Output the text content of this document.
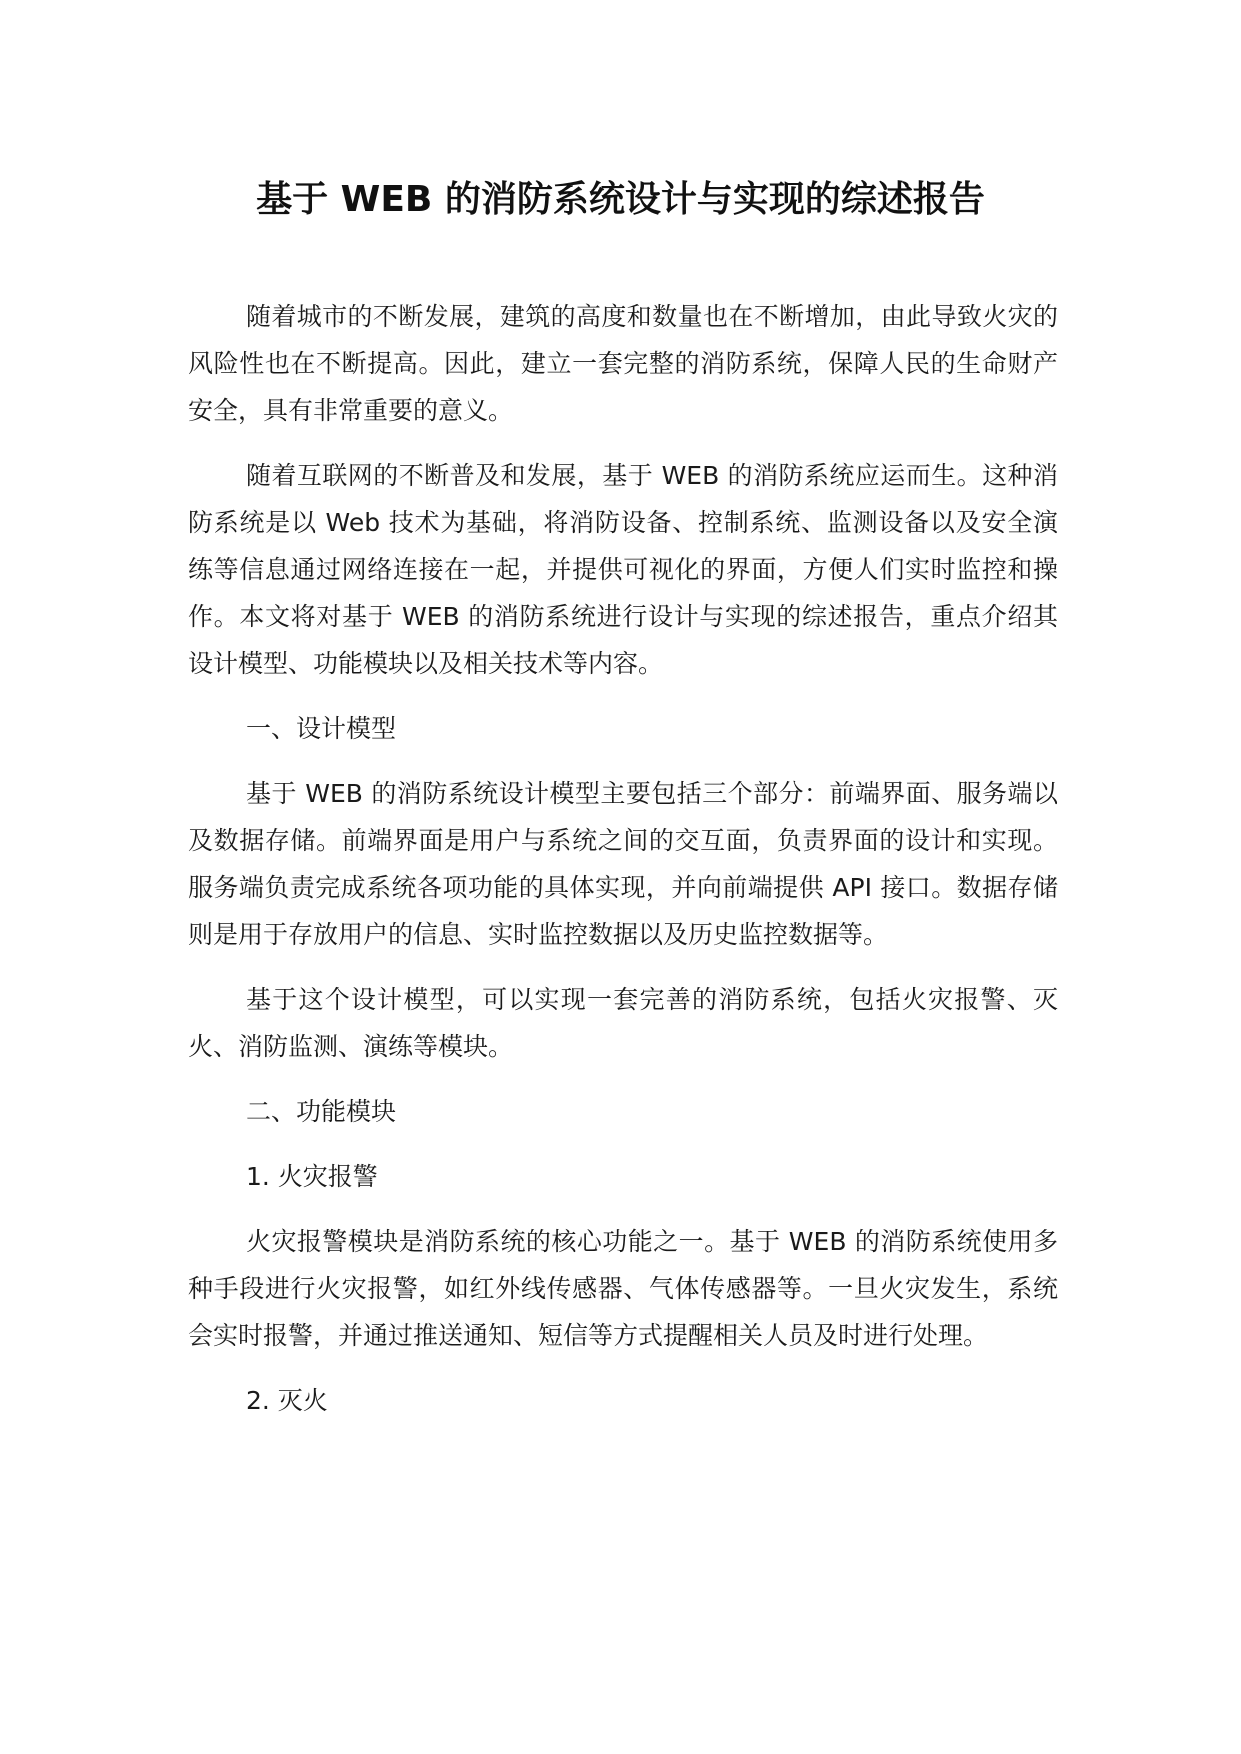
基于 WEB 的消防系统设计与实现的综述报告

随着城市的不断发展，建筑的高度和数量也在不断增加，由此导致火灾的风险性也在不断提高。因此，建立一套完整的消防系统，保障人民的生命财产安全，具有非常重要的意义。

随着互联网的不断普及和发展，基于 WEB 的消防系统应运而生。这种消防系统是以 Web 技术为基础，将消防设备、控制系统、监测设备以及安全演练等信息通过网络连接在一起，并提供可视化的界面，方便人们实时监控和操作。本文将对基于 WEB 的消防系统进行设计与实现的综述报告，重点介绍其设计模型、功能模块以及相关技术等内容。

一、设计模型

基于 WEB 的消防系统设计模型主要包括三个部分：前端界面、服务端以及数据存储。前端界面是用户与系统之间的交互面，负责界面的设计和实现。服务端负责完成系统各项功能的具体实现，并向前端提供 API 接口。数据存储则是用于存放用户的信息、实时监控数据以及历史监控数据等。

基于这个设计模型，可以实现一套完善的消防系统，包括火灾报警、灭火、消防监测、演练等模块。

二、功能模块

1. 火灾报警

火灾报警模块是消防系统的核心功能之一。基于 WEB 的消防系统使用多种手段进行火灾报警，如红外线传感器、气体传感器等。一旦火灾发生，系统会实时报警，并通过推送通知、短信等方式提醒相关人员及时进行处理。

2. 灭火
